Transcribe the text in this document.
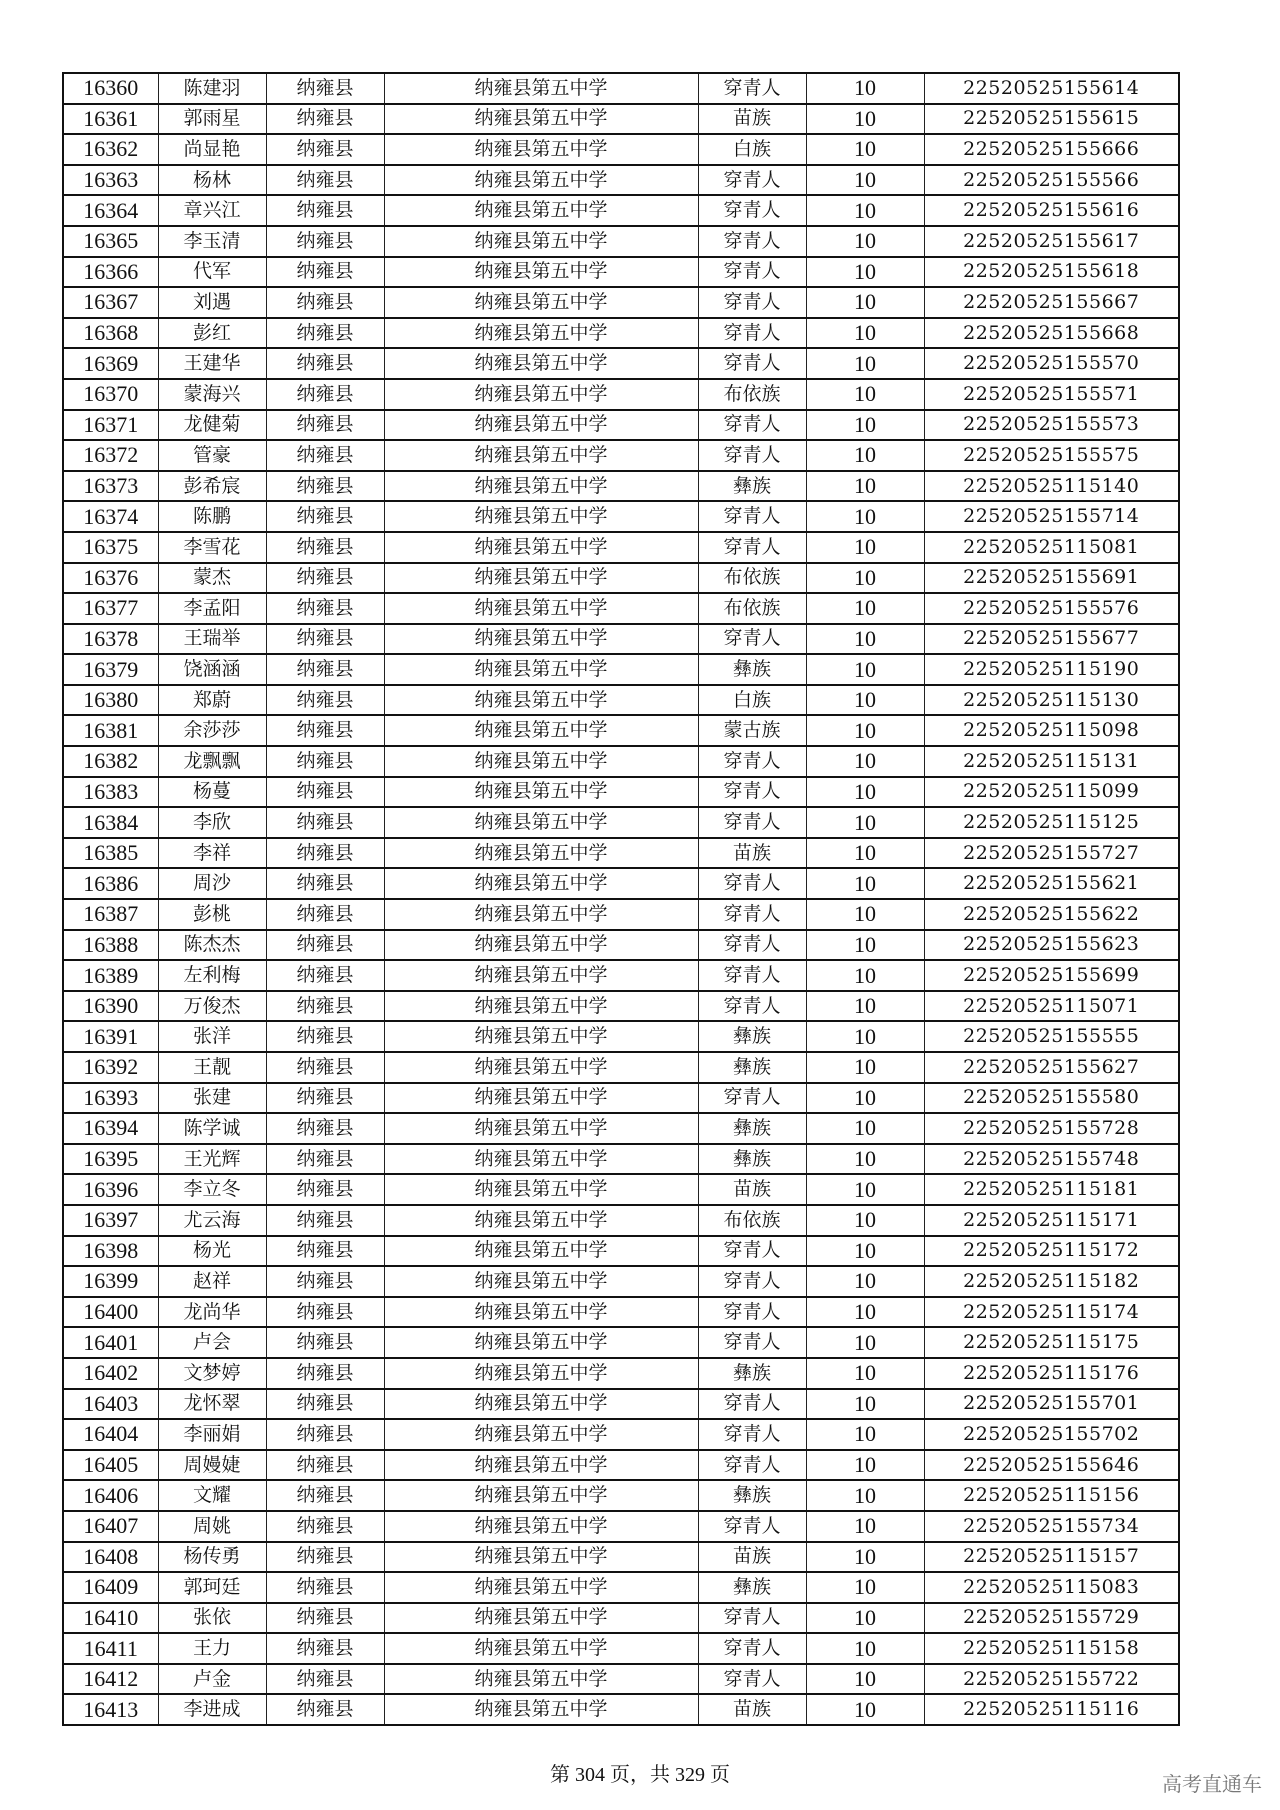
16360	陈建羽	纳雍县	纳雍县第五中学	穿青人	10	22520525155614
16361	郭雨星	纳雍县	纳雍县第五中学	苗族	10	22520525155615
16362	尚显艳	纳雍县	纳雍县第五中学	白族	10	22520525155666
16363	杨林	纳雍县	纳雍县第五中学	穿青人	10	22520525155566
16364	章兴江	纳雍县	纳雍县第五中学	穿青人	10	22520525155616
16365	李玉清	纳雍县	纳雍县第五中学	穿青人	10	22520525155617
16366	代军	纳雍县	纳雍县第五中学	穿青人	10	22520525155618
16367	刘遇	纳雍县	纳雍县第五中学	穿青人	10	22520525155667
16368	彭红	纳雍县	纳雍县第五中学	穿青人	10	22520525155668
16369	王建华	纳雍县	纳雍县第五中学	穿青人	10	22520525155570
16370	蒙海兴	纳雍县	纳雍县第五中学	布依族	10	22520525155571
16371	龙健菊	纳雍县	纳雍县第五中学	穿青人	10	22520525155573
16372	管豪	纳雍县	纳雍县第五中学	穿青人	10	22520525155575
16373	彭希宸	纳雍县	纳雍县第五中学	彝族	10	22520525115140
16374	陈鹏	纳雍县	纳雍县第五中学	穿青人	10	22520525155714
16375	李雪花	纳雍县	纳雍县第五中学	穿青人	10	22520525115081
16376	蒙杰	纳雍县	纳雍县第五中学	布依族	10	22520525155691
16377	李孟阳	纳雍县	纳雍县第五中学	布依族	10	22520525155576
16378	王瑞举	纳雍县	纳雍县第五中学	穿青人	10	22520525155677
16379	饶涵涵	纳雍县	纳雍县第五中学	彝族	10	22520525115190
16380	郑蔚	纳雍县	纳雍县第五中学	白族	10	22520525115130
16381	余莎莎	纳雍县	纳雍县第五中学	蒙古族	10	22520525115098
16382	龙飘飘	纳雍县	纳雍县第五中学	穿青人	10	22520525115131
16383	杨蔓	纳雍县	纳雍县第五中学	穿青人	10	22520525115099
16384	李欣	纳雍县	纳雍县第五中学	穿青人	10	22520525115125
16385	李祥	纳雍县	纳雍县第五中学	苗族	10	22520525155727
16386	周沙	纳雍县	纳雍县第五中学	穿青人	10	22520525155621
16387	彭桃	纳雍县	纳雍县第五中学	穿青人	10	22520525155622
16388	陈杰杰	纳雍县	纳雍县第五中学	穿青人	10	22520525155623
16389	左利梅	纳雍县	纳雍县第五中学	穿青人	10	22520525155699
16390	万俊杰	纳雍县	纳雍县第五中学	穿青人	10	22520525115071
16391	张洋	纳雍县	纳雍县第五中学	彝族	10	22520525155555
16392	王靓	纳雍县	纳雍县第五中学	彝族	10	22520525155627
16393	张建	纳雍县	纳雍县第五中学	穿青人	10	22520525155580
16394	陈学诚	纳雍县	纳雍县第五中学	彝族	10	22520525155728
16395	王光辉	纳雍县	纳雍县第五中学	彝族	10	22520525155748
16396	李立冬	纳雍县	纳雍县第五中学	苗族	10	22520525115181
16397	尤云海	纳雍县	纳雍县第五中学	布依族	10	22520525115171
16398	杨光	纳雍县	纳雍县第五中学	穿青人	10	22520525115172
16399	赵祥	纳雍县	纳雍县第五中学	穿青人	10	22520525115182
16400	龙尚华	纳雍县	纳雍县第五中学	穿青人	10	22520525115174
16401	卢会	纳雍县	纳雍县第五中学	穿青人	10	22520525115175
16402	文梦婷	纳雍县	纳雍县第五中学	彝族	10	22520525115176
16403	龙怀翠	纳雍县	纳雍县第五中学	穿青人	10	22520525155701
16404	李丽娟	纳雍县	纳雍县第五中学	穿青人	10	22520525155702
16405	周嫚婕	纳雍县	纳雍县第五中学	穿青人	10	22520525155646
16406	文耀	纳雍县	纳雍县第五中学	彝族	10	22520525115156
16407	周姚	纳雍县	纳雍县第五中学	穿青人	10	22520525155734
16408	杨传勇	纳雍县	纳雍县第五中学	苗族	10	22520525115157
16409	郭珂廷	纳雍县	纳雍县第五中学	彝族	10	22520525115083
16410	张依	纳雍县	纳雍县第五中学	穿青人	10	22520525155729
16411	王力	纳雍县	纳雍县第五中学	穿青人	10	22520525115158
16412	卢金	纳雍县	纳雍县第五中学	穿青人	10	22520525155722
16413	李进成	纳雍县	纳雍县第五中学	苗族	10	22520525115116
第 304 页，共 329 页	高考直通车
